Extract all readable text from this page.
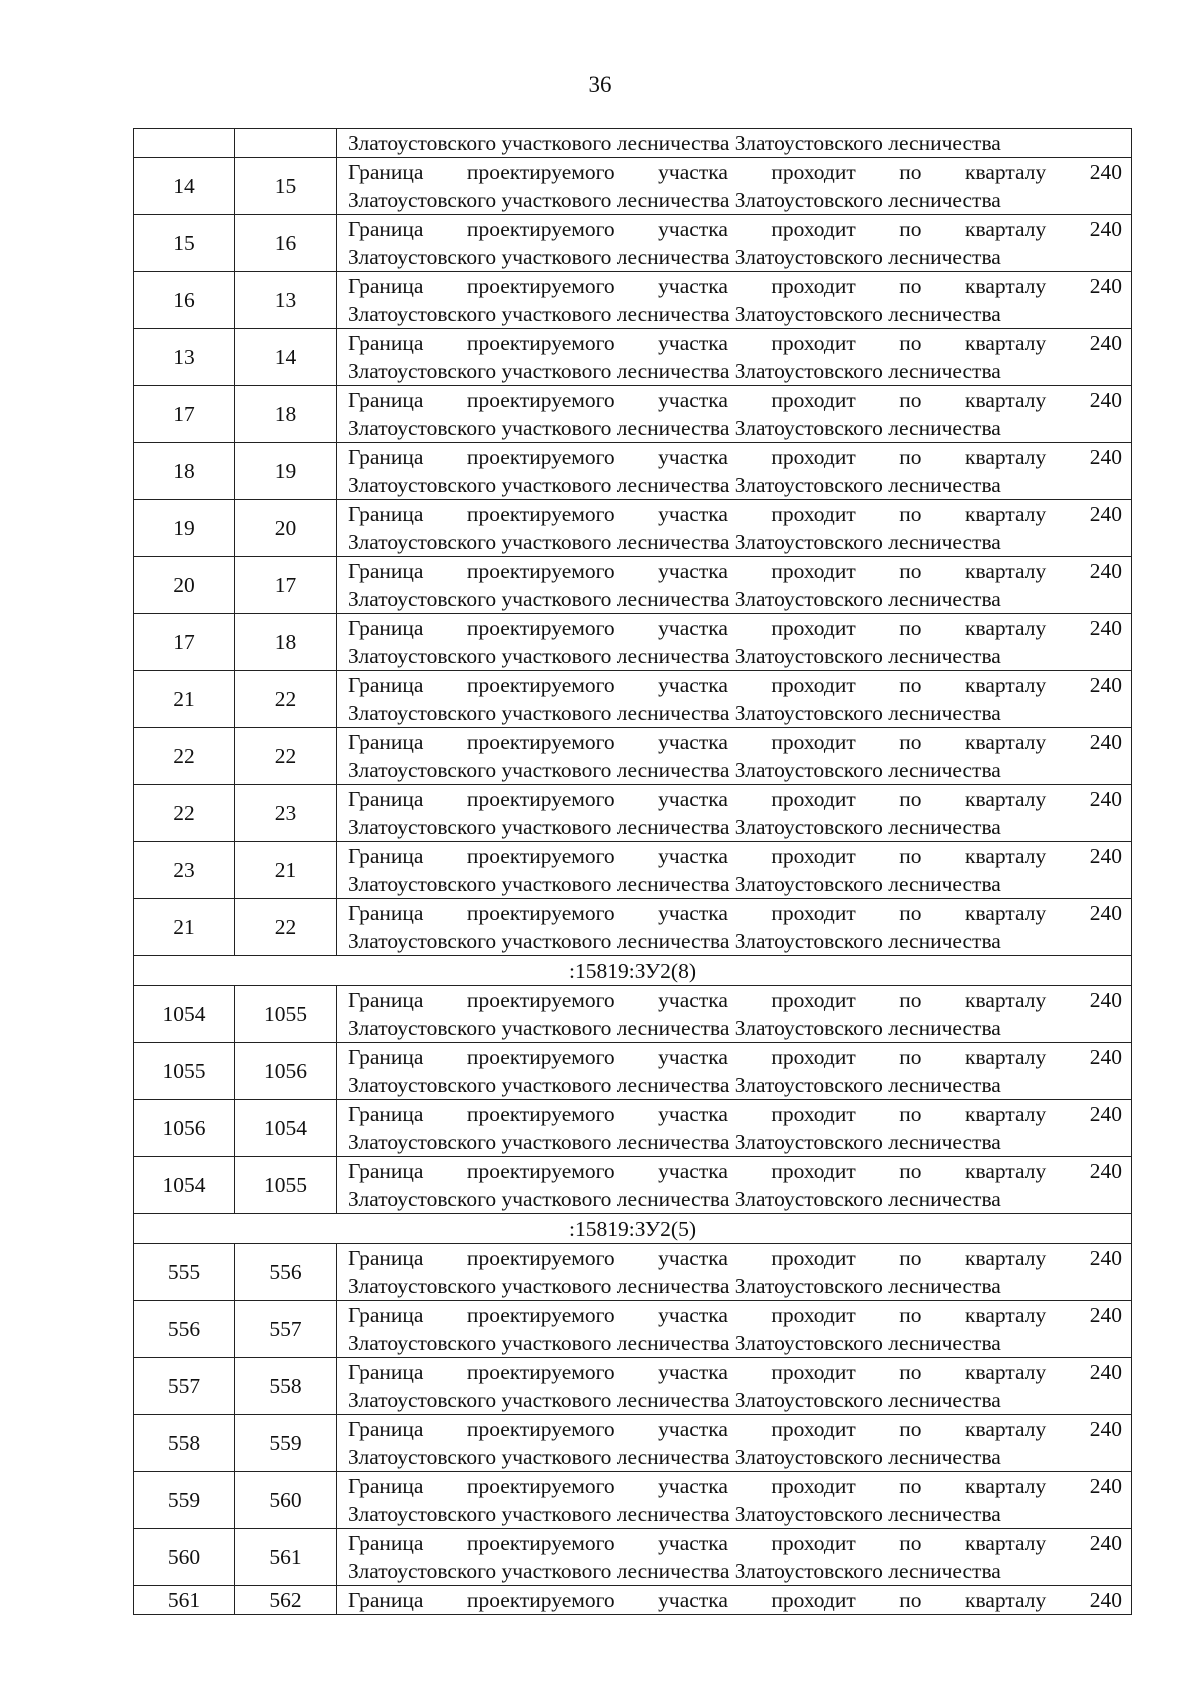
36
		Златоустовского участкового лесничества Златоустовского лесничества
14	15	Граница проектируемого участка проходит по кварталу 240
Златоустовского участкового лесничества Златоустовского лесничества

15	16	Граница проектируемого участка проходит по кварталу 240
Златоустовского участкового лесничества Златоустовского лесничества

16	13	Граница проектируемого участка проходит по кварталу 240
Златоустовского участкового лесничества Златоустовского лесничества

13	14	Граница проектируемого участка проходит по кварталу 240
Златоустовского участкового лесничества Златоустовского лесничества

17	18	Граница проектируемого участка проходит по кварталу 240
Златоустовского участкового лесничества Златоустовского лесничества

18	19	Граница проектируемого участка проходит по кварталу 240
Златоустовского участкового лесничества Златоустовского лесничества

19	20	Граница проектируемого участка проходит по кварталу 240
Златоустовского участкового лесничества Златоустовского лесничества

20	17	Граница проектируемого участка проходит по кварталу 240
Златоустовского участкового лесничества Златоустовского лесничества

17	18	Граница проектируемого участка проходит по кварталу 240
Златоустовского участкового лесничества Златоустовского лесничества

21	22	Граница проектируемого участка проходит по кварталу 240
Златоустовского участкового лесничества Златоустовского лесничества

22	22	Граница проектируемого участка проходит по кварталу 240
Златоустовского участкового лесничества Златоустовского лесничества

22	23	Граница проектируемого участка проходит по кварталу 240
Златоустовского участкового лесничества Златоустовского лесничества

23	21	Граница проектируемого участка проходит по кварталу 240
Златоустовского участкового лесничества Златоустовского лесничества

21	22	Граница проектируемого участка проходит по кварталу 240
Златоустовского участкового лесничества Златоустовского лесничества

:15819:ЗУ2(8)		
1054	1055	Граница проектируемого участка проходит по кварталу 240
Златоустовского участкового лесничества Златоустовского лесничества

1055	1056	Граница проектируемого участка проходит по кварталу 240
Златоустовского участкового лесничества Златоустовского лесничества

1056	1054	Граница проектируемого участка проходит по кварталу 240
Златоустовского участкового лесничества Златоустовского лесничества

1054	1055	Граница проектируемого участка проходит по кварталу 240
Златоустовского участкового лесничества Златоустовского лесничества

:15819:ЗУ2(5)		
555	556	Граница проектируемого участка проходит по кварталу 240
Златоустовского участкового лесничества Златоустовского лесничества

556	557	Граница проектируемого участка проходит по кварталу 240
Златоустовского участкового лесничества Златоустовского лесничества

557	558	Граница проектируемого участка проходит по кварталу 240
Златоустовского участкового лесничества Златоустовского лесничества

558	559	Граница проектируемого участка проходит по кварталу 240
Златоустовского участкового лесничества Златоустовского лесничества

559	560	Граница проектируемого участка проходит по кварталу 240
Златоустовского участкового лесничества Златоустовского лесничества

560	561	Граница проектируемого участка проходит по кварталу 240
Златоустовского участкового лесничества Златоустовского лесничества

561	562	Граница проектируемого участка проходит по кварталу 240
